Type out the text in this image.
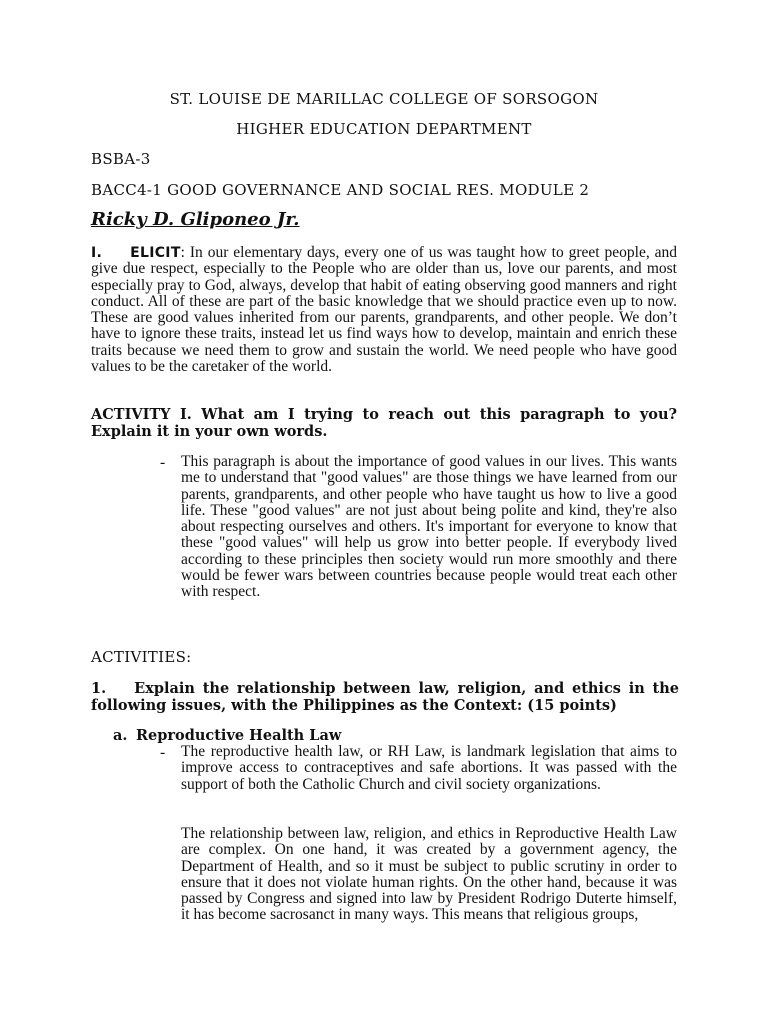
ST. LOUISE DE MARILLAC COLLEGE OF SORSOGON
HIGHER EDUCATION DEPARTMENT
BSBA-3
BACC4-1 GOOD GOVERNANCE AND SOCIAL RES. MODULE 2
Ricky D. Gliponeo Jr.
I. ELICIT: In our elementary days, every one of us was taught how to greet people, and give due respect, especially to the People who are older than us, love our parents, and most especially pray to God, always, develop that habit of eating observing good manners and right conduct. All of these are part of the basic knowledge that we should practice even up to now. These are good values inherited from our parents, grandparents, and other people. We don’t have to ignore these traits, instead let us find ways how to develop, maintain and enrich these traits because we need them to grow and sustain the world. We need people who have good values to be the caretaker of the world.
ACTIVITY I. What am I trying to reach out this paragraph to you? Explain it in your own words.
- This paragraph is about the importance of good values in our lives. This wants me to understand that "good values" are those things we have learned from our parents, grandparents, and other people who have taught us how to live a good life. These "good values" are not just about being polite and kind, they're also about respecting ourselves and others. It's important for everyone to know that these "good values" will help us grow into better people. If everybody lived according to these principles then society would run more smoothly and there would be fewer wars between countries because people would treat each other with respect.
ACTIVITIES:
1. Explain the relationship between law, religion, and ethics in the following issues, with the Philippines as the Context: (15 points)
a. Reproductive Health Law
- The reproductive health law, or RH Law, is landmark legislation that aims to improve access to contraceptives and safe abortions. It was passed with the support of both the Catholic Church and civil society organizations.
The relationship between law, religion, and ethics in Reproductive Health Law are complex. On one hand, it was created by a government agency, the Department of Health, and so it must be subject to public scrutiny in order to ensure that it does not violate human rights. On the other hand, because it was passed by Congress and signed into law by President Rodrigo Duterte himself, it has become sacrosanct in many ways. This means that religious groups,
